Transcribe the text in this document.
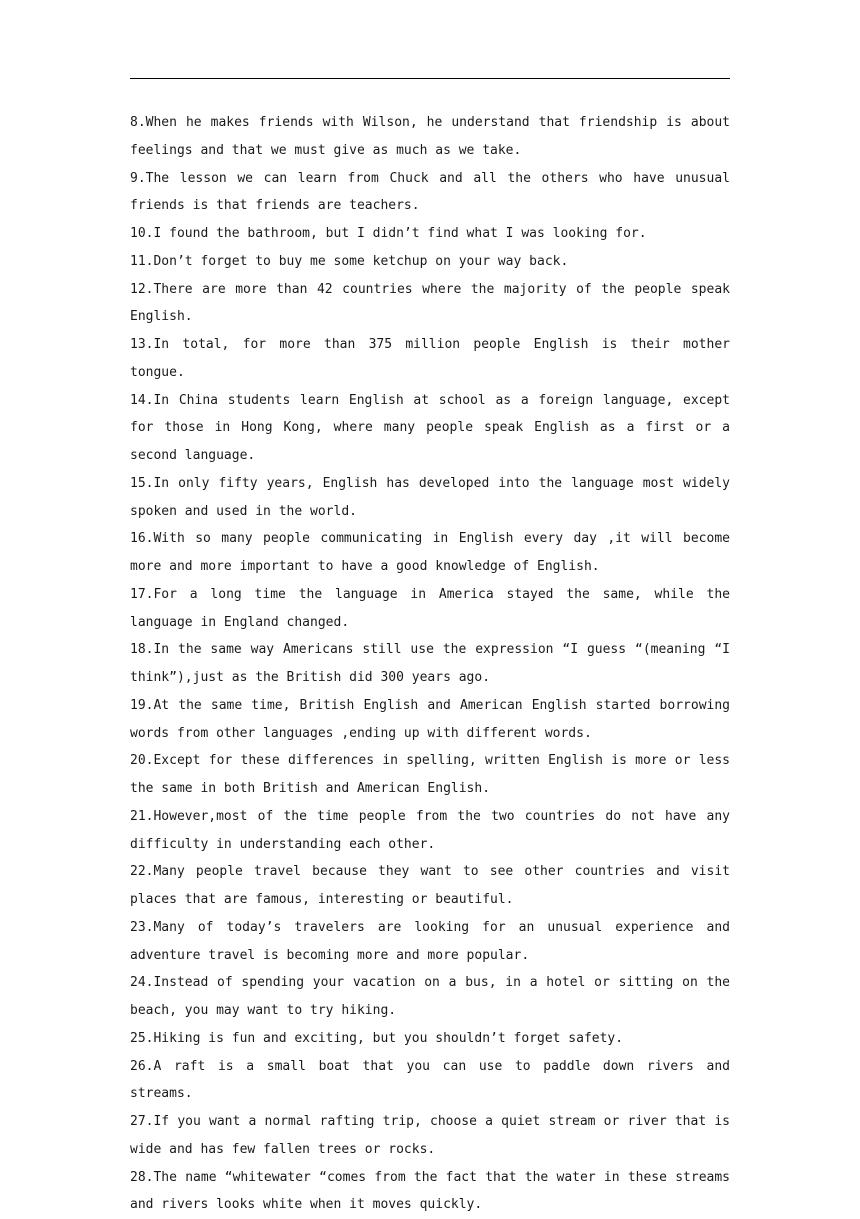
8.When he makes friends with Wilson, he understand that friendship is about feelings and that we must give as much as we take.

9.The lesson we can learn from Chuck and all the others who have unusual friends is that friends are teachers.

10.I found the bathroom, but I didn’t find what I was looking for.

11.Don’t forget to buy me some ketchup on your way back.

12.There are more than 42 countries where the majority of the people speak English.

13.In total, for more than 375 million people English is their mother tongue.

14.In China students learn English at school as a foreign language, except for those in Hong Kong, where many people speak English as a first or a second language.

15.In only fifty years, English has developed into the language most widely spoken and used in the world.

16.With so many people communicating in English every day ,it will become more and more important to have a good knowledge of English.

17.For a long time the language in America stayed the same, while the language in England changed.

18.In the same way Americans still use the expression “I guess “(meaning “I think”),just as the British did 300 years ago.

19.At the same time, British English and American English started borrowing words from other languages ,ending up with different words.

20.Except for these differences in spelling, written English is more or less the same in both British and American English.

21.However,most of the time people from the two countries do not have any difficulty in understanding each other.

22.Many people travel because they want to see other countries and visit places that are famous, interesting or beautiful.

23.Many of today’s travelers are looking for an unusual experience and adventure travel is becoming more and more popular.

24.Instead of spending your vacation on a bus, in a hotel or sitting on the beach, you may want to try hiking.

25.Hiking is fun and exciting, but you shouldn’t forget safety.

26.A raft is a small boat that you can use to paddle down rivers and streams.

27.If you want a normal rafting trip, choose a quiet stream or river that is wide and has few fallen trees or rocks.

28.The name “whitewater “comes from the fact that the water in these streams and rivers looks white when it moves quickly.
